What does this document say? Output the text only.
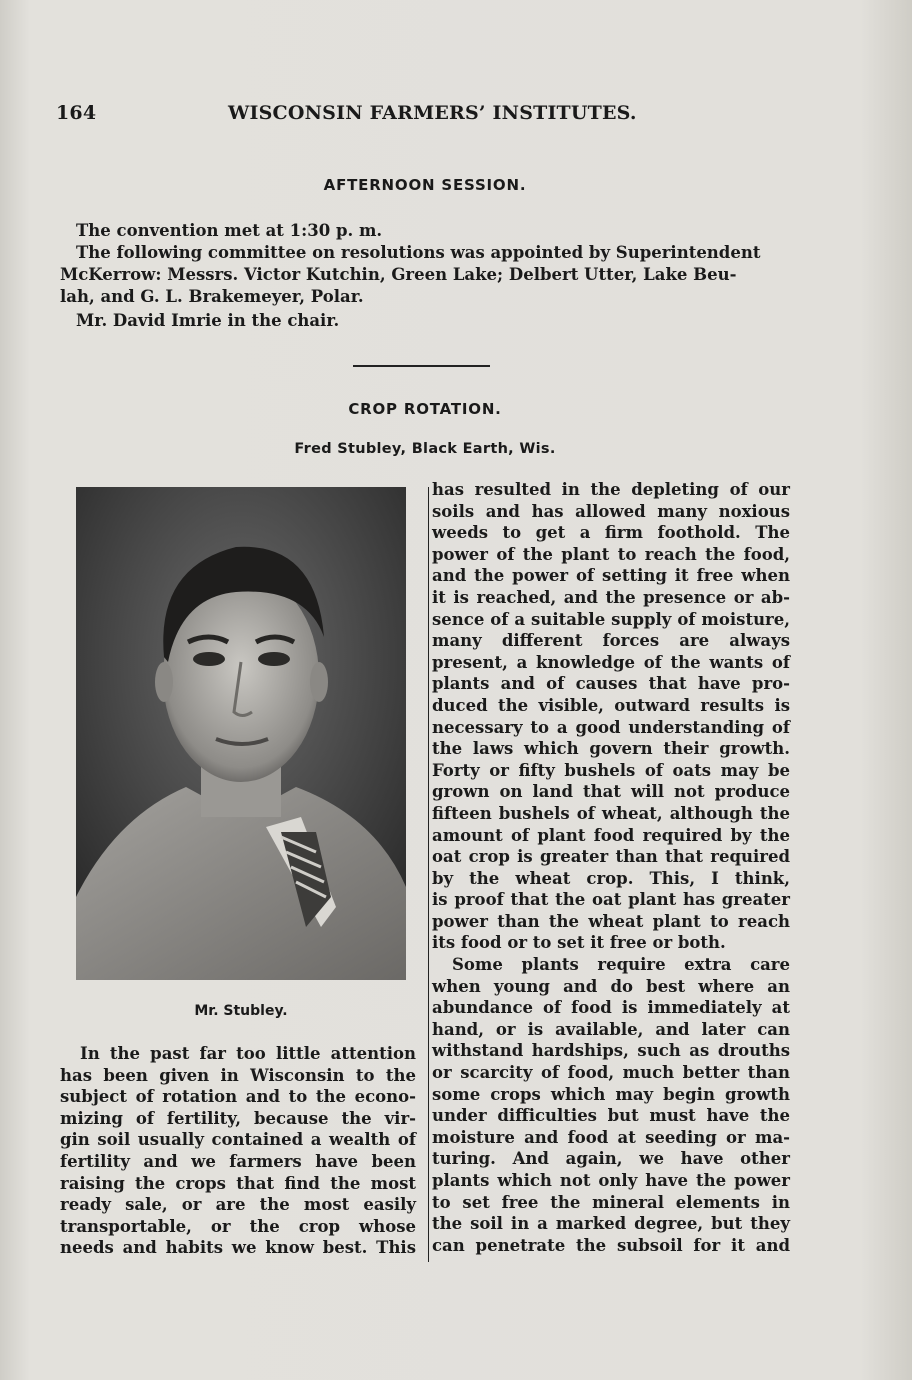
164	WISCONSIN FARMERS’ INSTITUTES.
AFTERNOON SESSION.
The convention met at 1:30 p. m.
The following committee on resolutions was appointed by Superintendent
McKerrow: Messrs. Victor Kutchin, Green Lake; Delbert Utter, Lake Beu-
lah, and G. L. Brakemeyer, Polar.
Mr. David Imrie in the chair.
CROP ROTATION.
Fred Stubley, Black Earth, Wis.
Mr. Stubley.
In the past far too little attention
has been given in Wisconsin to the
subject of rotation and to the econo-
mizing of fertility, because the vir-
gin soil usually contained a wealth of
fertility and we farmers have been
raising the crops that find the most
ready sale, or are the most easily
transportable, or the crop whose
needs and habits we know best. This
has resulted in the depleting of our
soils and has allowed many noxious
weeds to get a firm foothold. The
power of the plant to reach the food,
and the power of setting it free when
it is reached, and the presence or ab-
sence of a suitable supply of moisture,
many different forces are always
present, a knowledge of the wants of
plants and of causes that have pro-
duced the visible, outward results is
necessary to a good understanding of
the laws which govern their growth.
Forty or fifty bushels of oats may be
grown on land that will not produce
fifteen bushels of wheat, although the
amount of plant food required by the
oat crop is greater than that required
by the wheat crop. This, I think,
is proof that the oat plant has greater
power than the wheat plant to reach
its food or to set it free or both.
Some plants require extra care
when young and do best where an
abundance of food is immediately at
hand, or is available, and later can
withstand hardships, such as drouths
or scarcity of food, much better than
some crops which may begin growth
under difficulties but must have the
moisture and food at seeding or ma-
turing. And again, we have other
plants which not only have the power
to set free the mineral elements in
the soil in a marked degree, but they
can penetrate the subsoil for it and
